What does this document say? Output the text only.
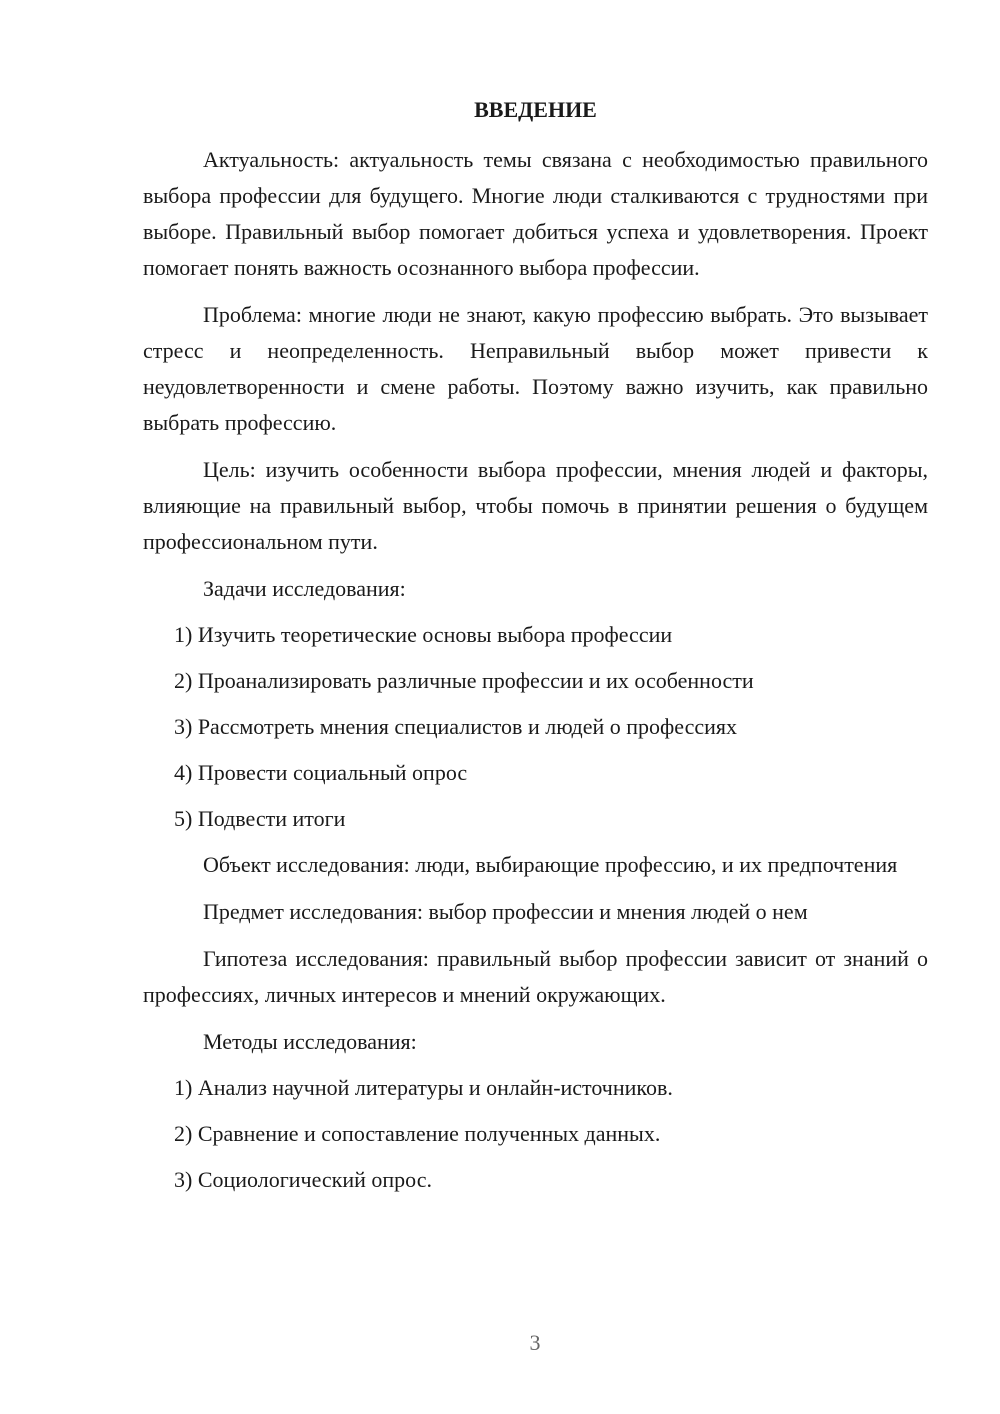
ВВЕДЕНИЕ

Актуальность: актуальность темы связана с необходимостью правильного выбора профессии для будущего. Многие люди сталкиваются с трудностями при выборе. Правильный выбор помогает добиться успеха и удовлетворения. Проект помогает понять важность осознанного выбора профессии.

Проблема: многие люди не знают, какую профессию выбрать. Это вызывает стресс и неопределенность. Неправильный выбор может привести к неудовлетворенности и смене работы. Поэтому важно изучить, как правильно выбрать профессию.

Цель: изучить особенности выбора профессии, мнения людей и факторы, влияющие на правильный выбор, чтобы помочь в принятии решения о будущем профессиональном пути.

Задачи исследования:

1) Изучить теоретические основы выбора профессии
2) Проанализировать различные профессии и их особенности
3) Рассмотреть мнения специалистов и людей о профессиях
4) Провести социальный опрос
5) Подвести итоги

Объект исследования: люди, выбирающие профессию, и их предпочтения

Предмет исследования: выбор профессии и мнения людей о нем

Гипотеза исследования: правильный выбор профессии зависит от знаний о профессиях, личных интересов и мнений окружающих.

Методы исследования:

1) Анализ научной литературы и онлайн-источников.
2) Сравнение и сопоставление полученных данных.
3) Социологический опрос.
3
